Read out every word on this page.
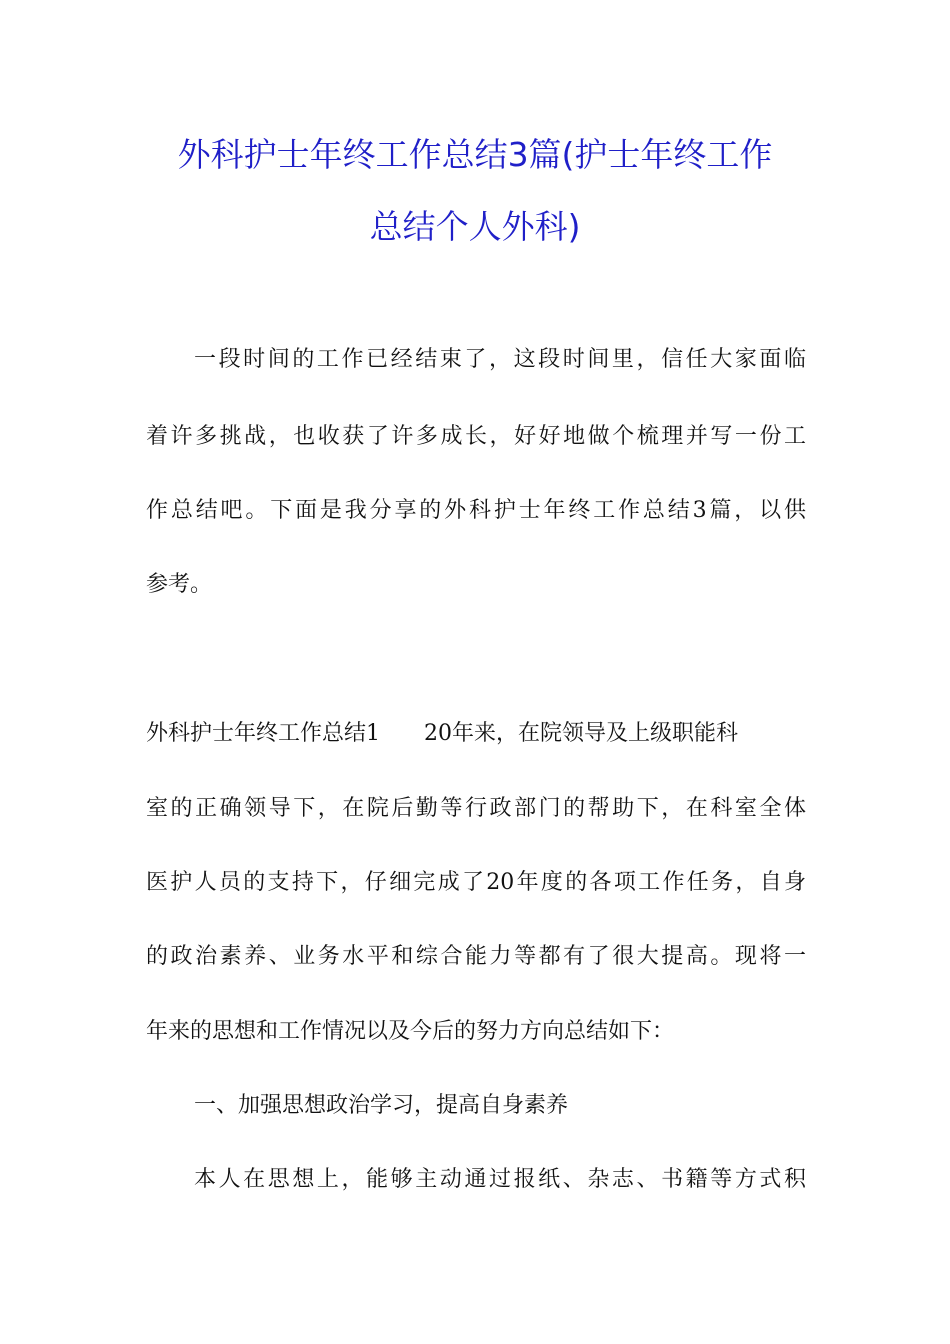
外科护士年终工作总结3篇(护士年终工作
总结个人外科)

一段时间的工作已经结束了，这段时间里，信任大家面临

着许多挑战，也收获了许多成长，好好地做个梳理并写一份工

作总结吧。下面是我分享的外科护士年终工作总结3篇，以供

参考。

外科护士年终工作总结1 20年来，在院领导及上级职能科

室的正确领导下，在院后勤等行政部门的帮助下，在科室全体

医护人员的支持下，仔细完成了20年度的各项工作任务，自身

的政治素养、业务水平和综合能力等都有了很大提高。现将一

年来的思想和工作情况以及今后的努力方向总结如下：

一、加强思想政治学习，提高自身素养

本人在思想上，能够主动通过报纸、杂志、书籍等方式积
